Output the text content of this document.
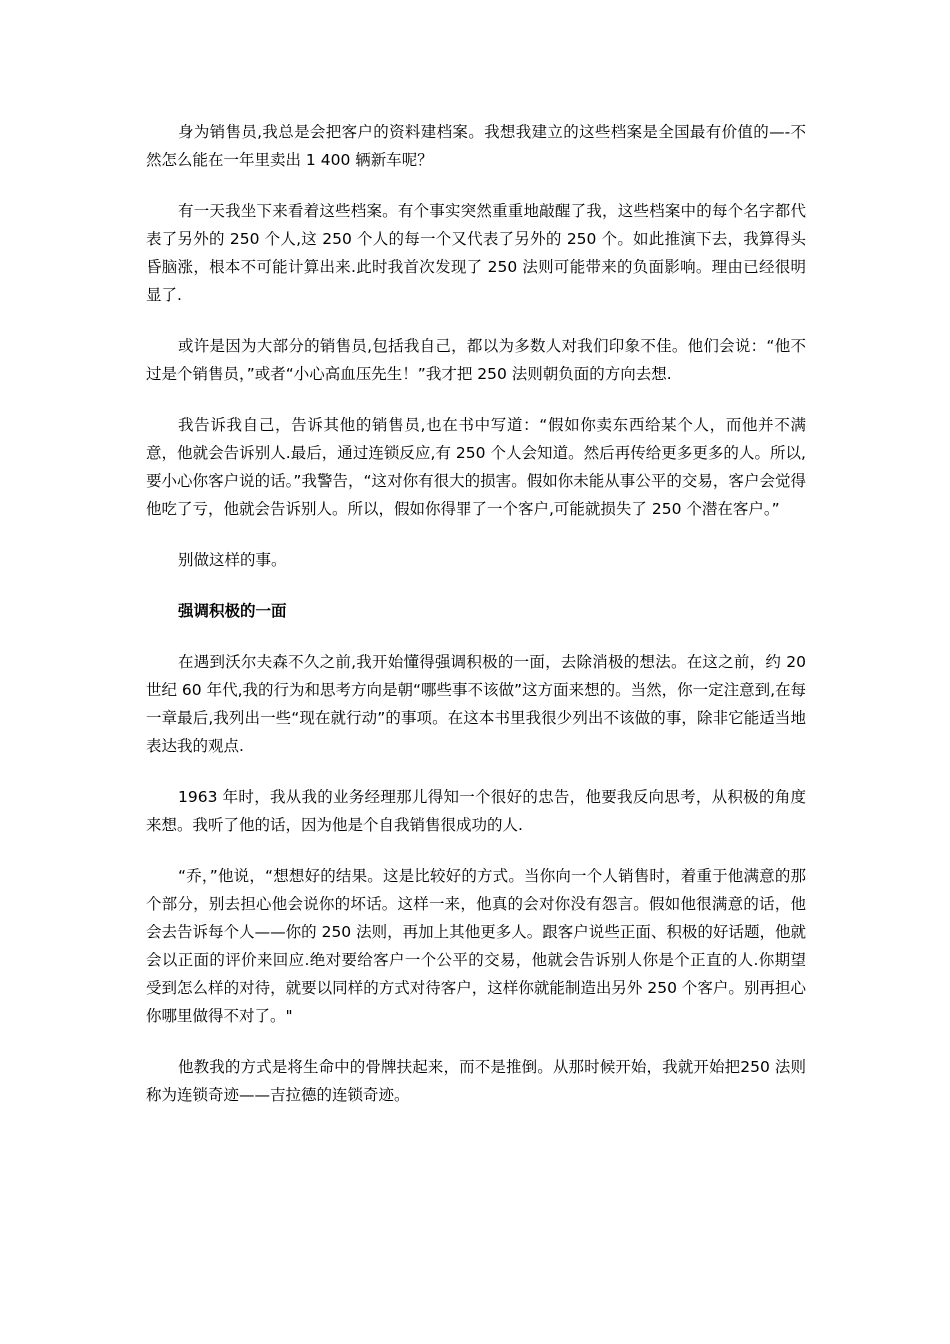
身为销售员,我总是会把客户的资料建档案。我想我建立的这些档案是全国最有价值的—-不然怎么能在一年里卖出 1 400 辆新车呢？

有一天我坐下来看着这些档案。有个事实突然重重地敲醒了我，这些档案中的每个名字都代表了另外的 250 个人,这 250 个人的每一个又代表了另外的 250 个。如此推演下去，我算得头昏脑涨，根本不可能计算出来.此时我首次发现了 250 法则可能带来的负面影响。理由已经很明显了.

或许是因为大部分的销售员,包括我自己，都以为多数人对我们印象不佳。他们会说：“他不过是个销售员，”或者“小心高血压先生！”我才把 250 法则朝负面的方向去想.

我告诉我自己，告诉其他的销售员,也在书中写道：“假如你卖东西给某个人，而他并不满意，他就会告诉别人.最后，通过连锁反应,有 250 个人会知道。然后再传给更多更多的人。所以,要小心你客户说的话。”我警告，“这对你有很大的损害。假如你未能从事公平的交易，客户会觉得他吃了亏，他就会告诉别人。所以，假如你得罪了一个客户,可能就损失了 250 个潜在客户。”

别做这样的事。

强调积极的一面

在遇到沃尔夫森不久之前,我开始懂得强调积极的一面，去除消极的想法。在这之前，约 20 世纪 60 年代,我的行为和思考方向是朝“哪些事不该做”这方面来想的。当然，你一定注意到,在每一章最后,我列出一些“现在就行动”的事项。在这本书里我很少列出不该做的事，除非它能适当地表达我的观点.

1963 年时，我从我的业务经理那儿得知一个很好的忠告，他要我反向思考，从积极的角度来想。我听了他的话，因为他是个自我销售很成功的人.

“乔，”他说，“想想好的结果。这是比较好的方式。当你向一个人销售时，着重于他满意的那个部分，别去担心他会说你的坏话。这样一来，他真的会对你没有怨言。假如他很满意的话，他会去告诉每个人——你的 250 法则，再加上其他更多人。跟客户说些正面、积极的好话题，他就会以正面的评价来回应.绝对要给客户一个公平的交易，他就会告诉别人你是个正直的人.你期望受到怎么样的对待，就要以同样的方式对待客户，这样你就能制造出另外 250 个客户。别再担心你哪里做得不对了。"

他教我的方式是将生命中的骨牌扶起来，而不是推倒。从那时候开始，我就开始把250 法则称为连锁奇迹——吉拉德的连锁奇迹。
